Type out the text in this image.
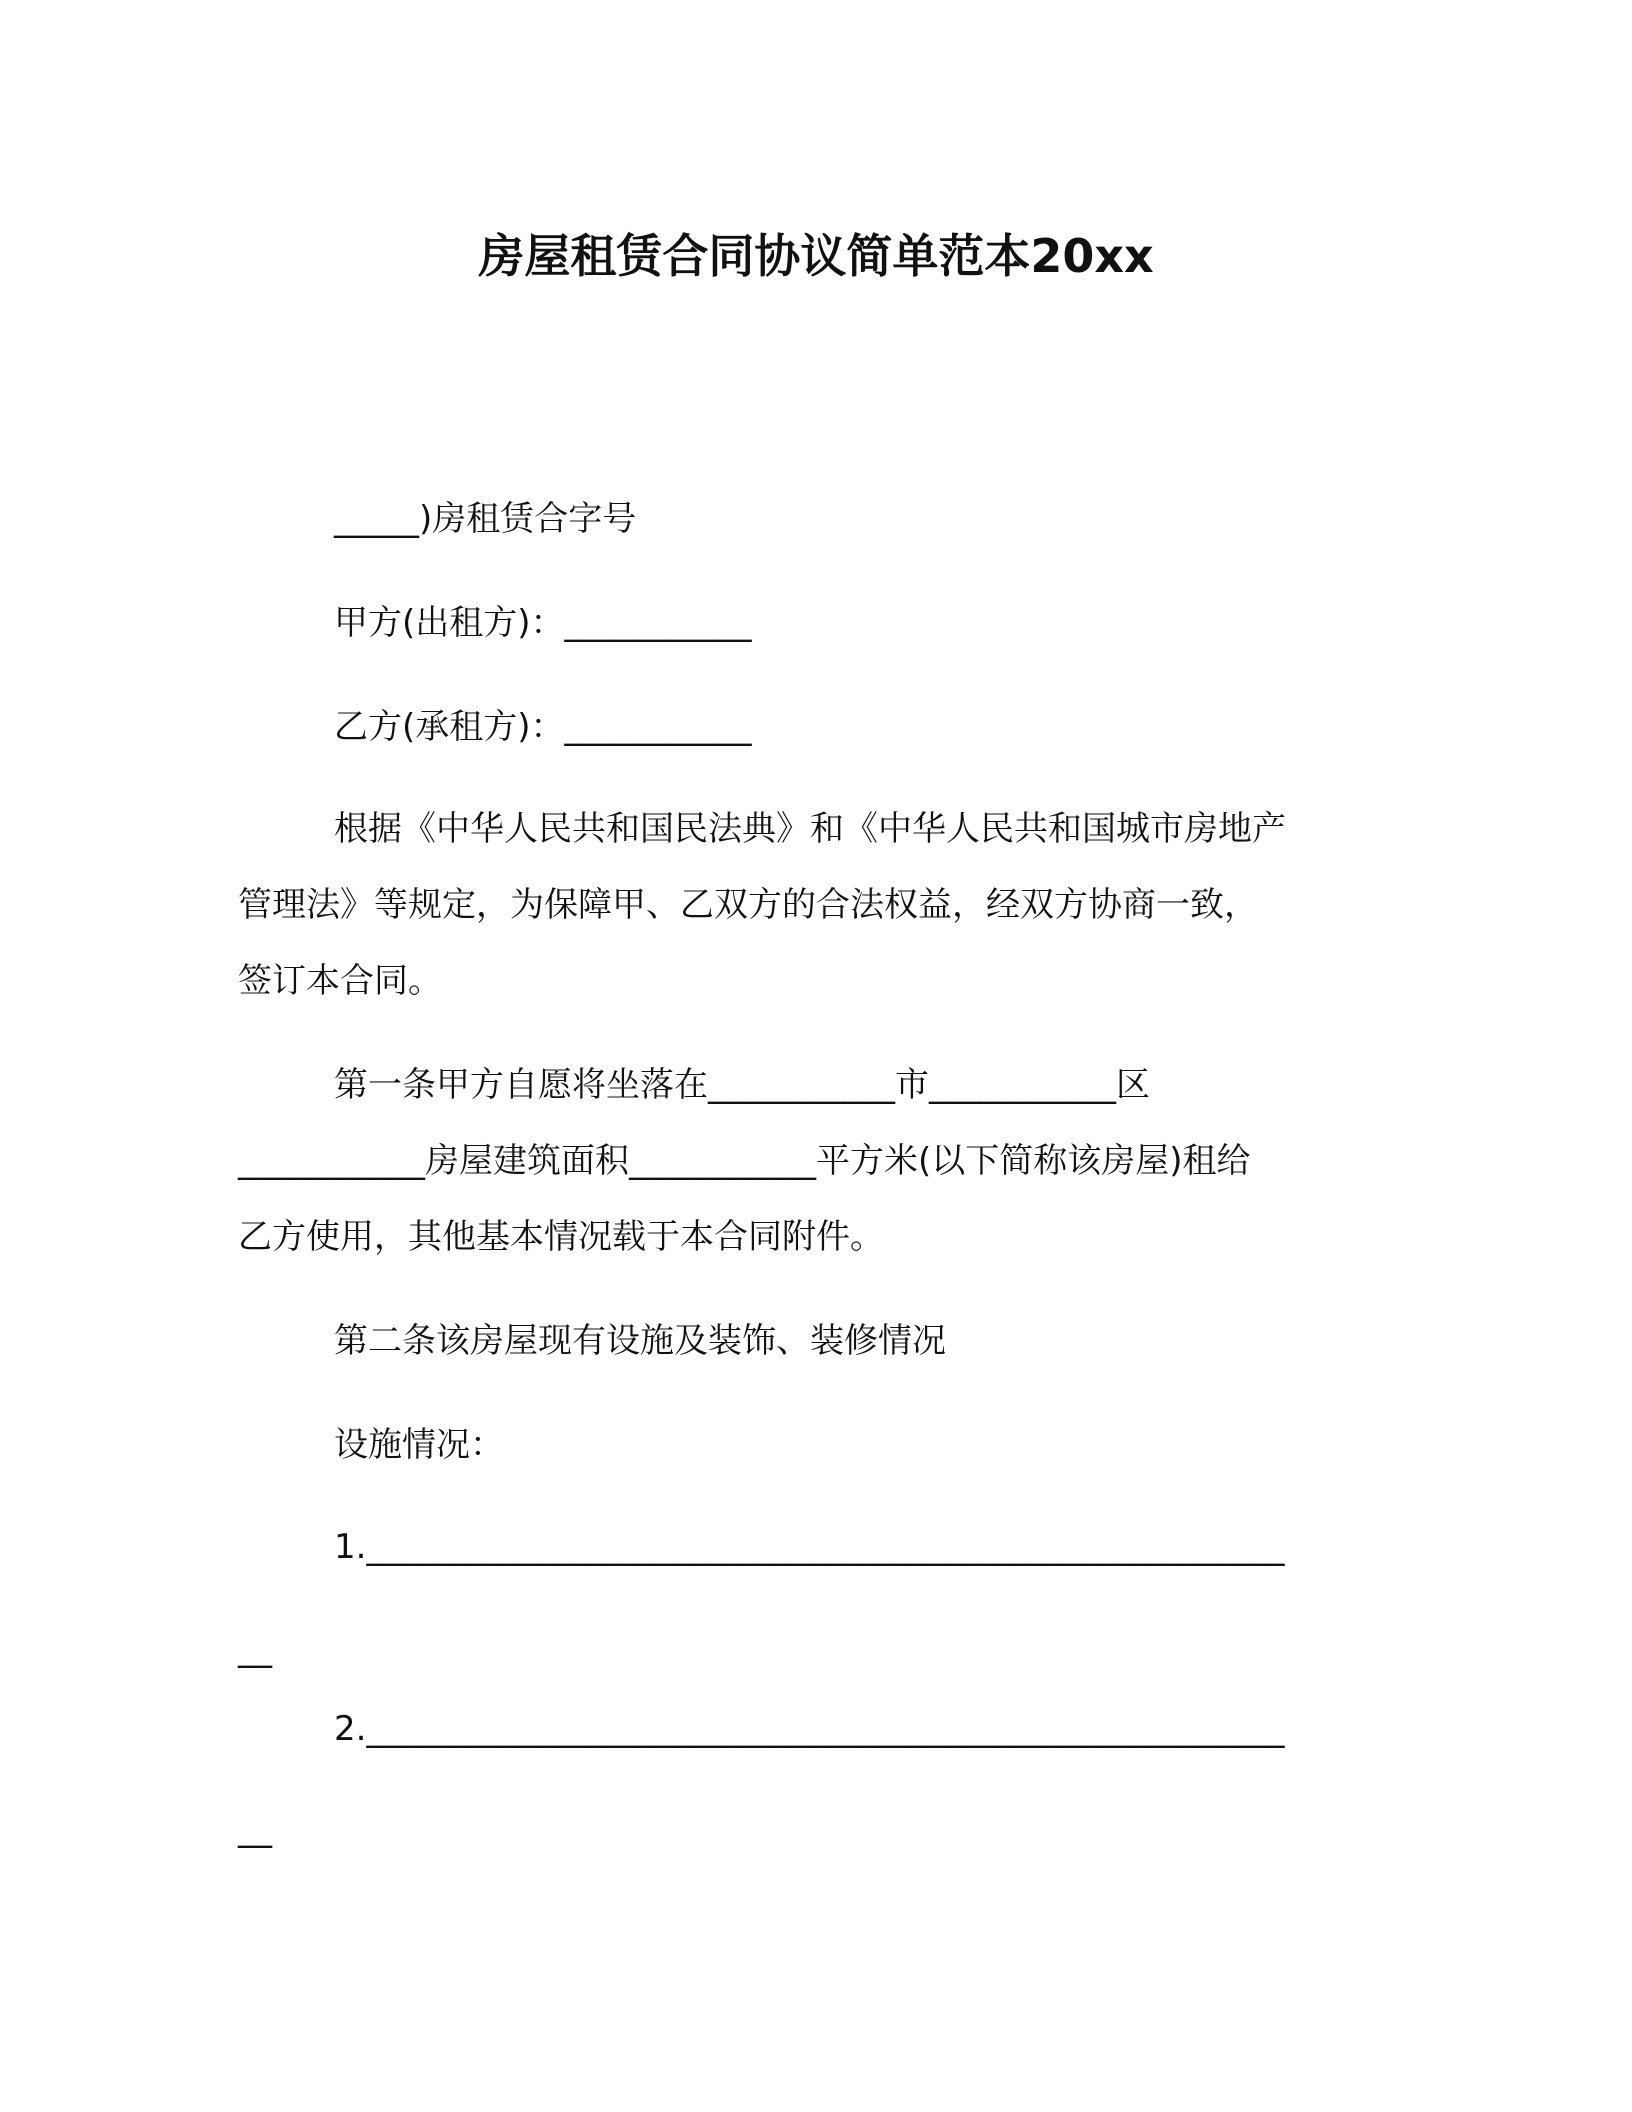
房屋租赁合同协议简单范本20xx
_____)房租赁合字号
甲方(出租方)：___________
乙方(承租方)：___________
根据《中华人民共和国民法典》和《中华人民共和国城市房地产
管理法》等规定，为保障甲、乙双方的合法权益，经双方协商一致，
签订本合同。
第一条甲方自愿将坐落在___________市___________区
___________房屋建筑面积___________平方米(以下简称该房屋)租给
乙方使用，其他基本情况载于本合同附件。
第二条该房屋现有设施及装饰、装修情况
设施情况：
1.______________________________________________________
__
2.______________________________________________________
__
